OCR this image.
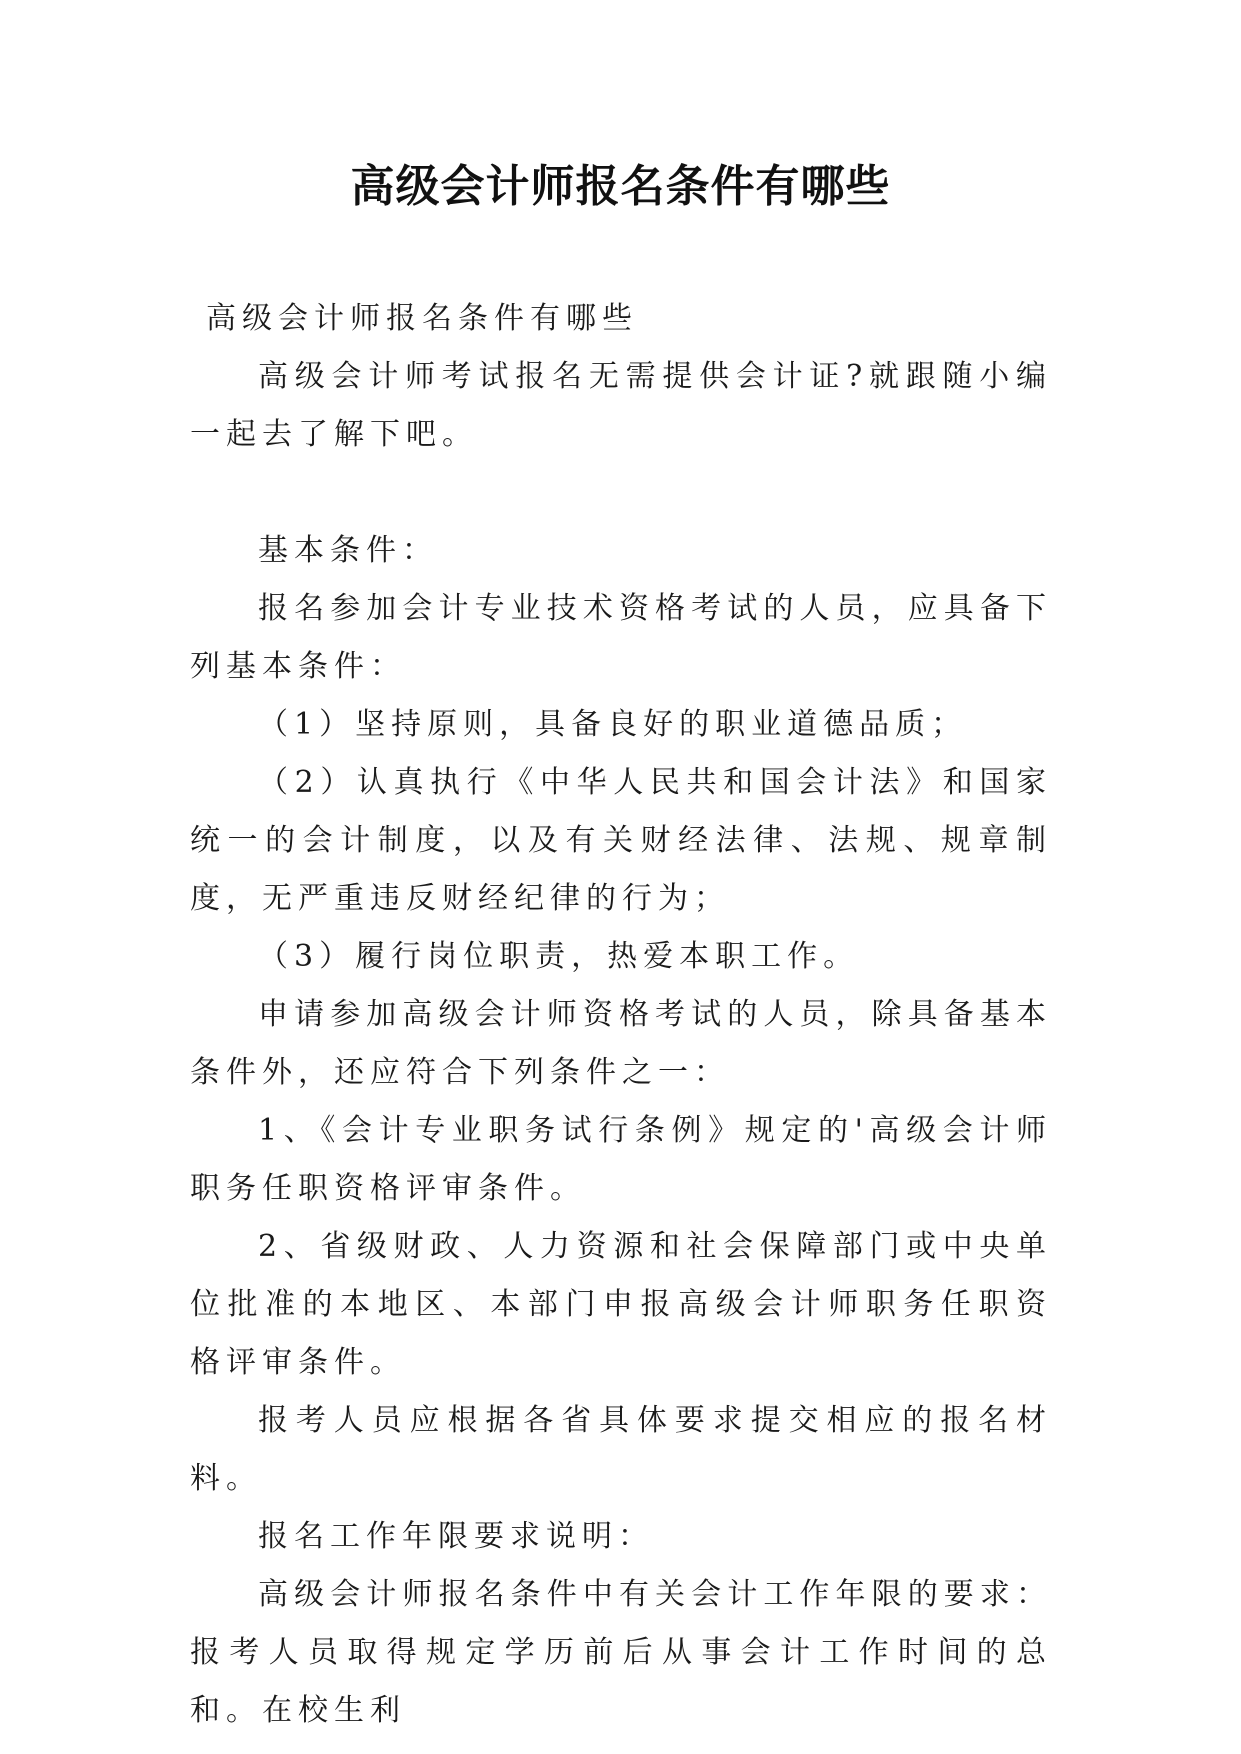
高级会计师报名条件有哪些

高级会计师报名条件有哪些

高级会计师考试报名无需提供会计证?就跟随小编一起去了解下吧。

基本条件：

报名参加会计专业技术资格考试的人员，应具备下列基本条件：

（1）坚持原则，具备良好的职业道德品质；

（2）认真执行《中华人民共和国会计法》和国家统一的会计制度，以及有关财经法律、法规、规章制度，无严重违反财经纪律的行为；

（3）履行岗位职责，热爱本职工作。

申请参加高级会计师资格考试的人员，除具备基本条件外，还应符合下列条件之一：

1、《会计专业职务试行条例》规定的'高级会计师职务任职资格评审条件。

2、省级财政、人力资源和社会保障部门或中央单位批准的本地区、本部门申报高级会计师职务任职资格评审条件。

报考人员应根据各省具体要求提交相应的报名材料。

报名工作年限要求说明：

高级会计师报名条件中有关会计工作年限的要求：报考人员取得规定学历前后从事会计工作时间的总和。在校生利
